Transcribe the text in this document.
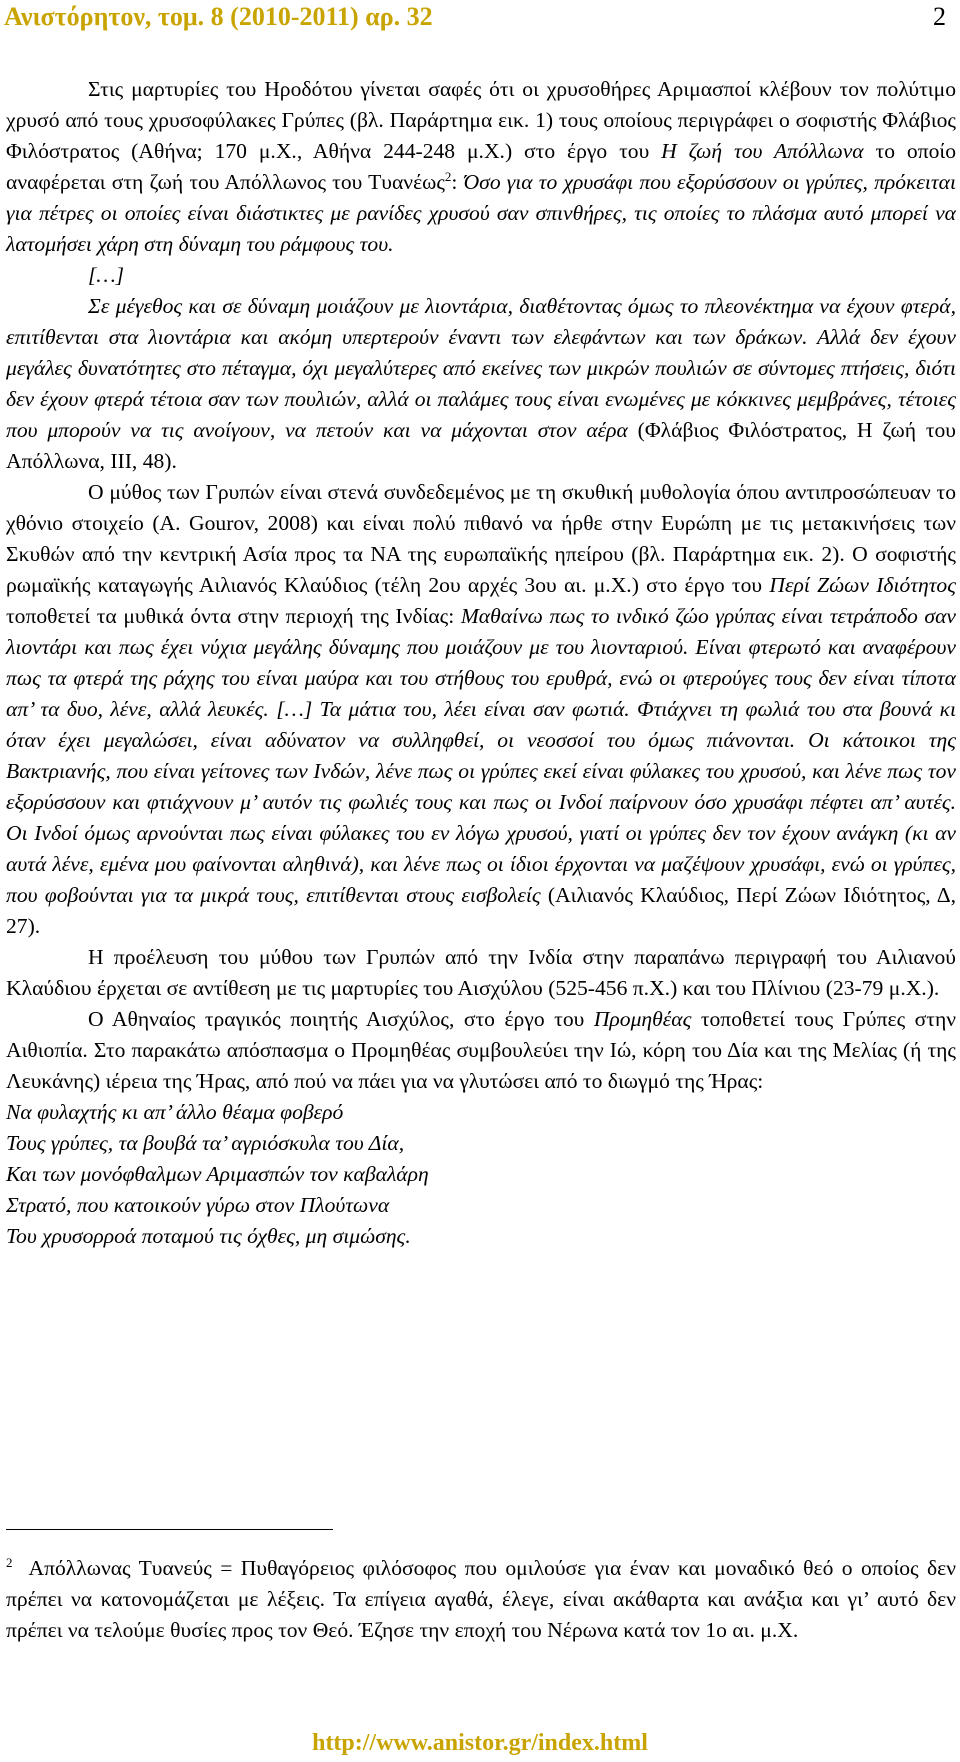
Ανιστόρητον, τομ. 8 (2010-2011) αρ. 32	2

Στις μαρτυρίες του Ηροδότου γίνεται σαφές ότι οι χρυσοθήρες Αριμασποί κλέβουν τον πολύτιμο χρυσό από τους χρυσοφύλακες Γρύπες (βλ. Παράρτημα εικ. 1) τους οποίους περιγράφει ο σοφιστής Φλάβιος Φιλόστρατος (Αθήνα; 170 μ.Χ., Αθήνα 244-248 μ.Χ.) στο έργο του Η ζωή του Απόλλωνα το οποίο αναφέρεται στη ζωή του Απόλλωνος του Τυανέως$^2$: Όσο για το χρυσάφι που εξορύσσουν οι γρύπες, πρόκειται για πέτρες οι οποίες είναι διάστικτες με ρανίδες χρυσού σαν σπινθήρες, τις οποίες το πλάσμα αυτό μπορεί να λατομήσει χάρη στη δύναμη του ράμφους του.

[…]

Σε μέγεθος και σε δύναμη μοιάζουν με λιοντάρια, διαθέτοντας όμως το πλεονέκτημα να έχουν φτερά, επιτίθενται στα λιοντάρια και ακόμη υπερτερούν έναντι των ελεφάντων και των δράκων. Αλλά δεν έχουν μεγάλες δυνατότητες στο πέταγμα, όχι μεγαλύτερες από εκείνες των μικρών πουλιών σε σύντομες πτήσεις, διότι δεν έχουν φτερά τέτοια σαν των πουλιών, αλλά οι παλάμες τους είναι ενωμένες με κόκκινες μεμβράνες, τέτοιες που μπορούν να τις ανοίγουν, να πετούν και να μάχονται στον αέρα (Φλάβιος Φιλόστρατος, Η ζωή του Απόλλωνα, ΙΙΙ, 48).

Ο μύθος των Γρυπών είναι στενά συνδεδεμένος με τη σκυθική μυθολογία όπου αντιπροσώπευαν το χθόνιο στοιχείο (A. Gourov, 2008) και είναι πολύ πιθανό να ήρθε στην Ευρώπη με τις μετακινήσεις των Σκυθών από την κεντρική Ασία προς τα ΝΑ της ευρωπαϊκής ηπείρου (βλ. Παράρτημα εικ. 2). Ο σοφιστής ρωμαϊκής καταγωγής Αιλιανός Κλαύδιος (τέλη 2ου αρχές 3ου αι. μ.Χ.) στο έργο του Περί Ζώων Ιδιότητος τοποθετεί τα μυθικά όντα στην περιοχή της Ινδίας: Μαθαίνω πως το ινδικό ζώο γρύπας είναι τετράποδο σαν λιοντάρι και πως έχει νύχια μεγάλης δύναμης που μοιάζουν με του λιονταριού. Είναι φτερωτό και αναφέρουν πως τα φτερά της ράχης του είναι μαύρα και του στήθους του ερυθρά, ενώ οι φτερούγες τους δεν είναι τίποτα απ’ τα δυο, λένε, αλλά λευκές. […] Τα μάτια του, λέει είναι σαν φωτιά. Φτιάχνει τη φωλιά του στα βουνά κι όταν έχει μεγαλώσει, είναι αδύνατον να συλληφθεί, οι νεοσσοί του όμως πιάνονται. Οι κάτοικοι της Βακτριανής, που είναι γείτονες των Ινδών, λένε πως οι γρύπες εκεί είναι φύλακες του χρυσού, και λένε πως τον εξορύσσουν και φτιάχνουν μ’ αυτόν τις φωλιές τους και πως οι Ινδοί παίρνουν όσο χρυσάφι πέφτει απ’ αυτές. Οι Ινδοί όμως αρνούνται πως είναι φύλακες του εν λόγω χρυσού, γιατί οι γρύπες δεν τον έχουν ανάγκη (κι αν αυτά λένε, εμένα μου φαίνονται αληθινά), και λένε πως οι ίδιοι έρχονται να μαζέψουν χρυσάφι, ενώ οι γρύπες, που φοβούνται για τα μικρά τους, επιτίθενται στους εισβολείς (Αιλιανός Κλαύδιος, Περί Ζώων Ιδιότητος, Δ, 27).

Η προέλευση του μύθου των Γρυπών από την Ινδία στην παραπάνω περιγραφή του Αιλιανού Κλαύδιου έρχεται σε αντίθεση με τις μαρτυρίες του Αισχύλου (525-456 π.Χ.) και του Πλίνιου (23-79 μ.Χ.).

Ο Αθηναίος τραγικός ποιητής Αισχύλος, στο έργο του Προμηθέας τοποθετεί τους Γρύπες στην Αιθιοπία. Στο παρακάτω απόσπασμα ο Προμηθέας συμβουλεύει την Ιώ, κόρη του Δία και της Μελίας (ή της Λευκάνης) ιέρεια της Ήρας, από πού να πάει για να γλυτώσει από το διωγμό της Ήρας:

Να φυλαχτής κι απ’ άλλο θέαμα φοβερό

Τους γρύπες, τα βουβά τα’ αγριόσκυλα του Δία,

Και των μονόφθαλμων Αριμασπών τον καβαλάρη

Στρατό, που κατοικούν γύρω στον Πλούτωνα

Του χρυσορροά ποταμού τις όχθες, μη σιμώσης.

$^2$ Απόλλωνας Τυανεύς = Πυθαγόρειος φιλόσοφος που ομιλούσε για έναν και μοναδικό θεό ο οποίος δεν πρέπει να κατονομάζεται με λέξεις. Τα επίγεια αγαθά, έλεγε, είναι ακάθαρτα και ανάξια και γι’ αυτό δεν πρέπει να τελούμε θυσίες προς τον Θεό. Έζησε την εποχή του Νέρωνα κατά τον 1ο αι. μ.Χ.

http://www.anistor.gr/index.html
